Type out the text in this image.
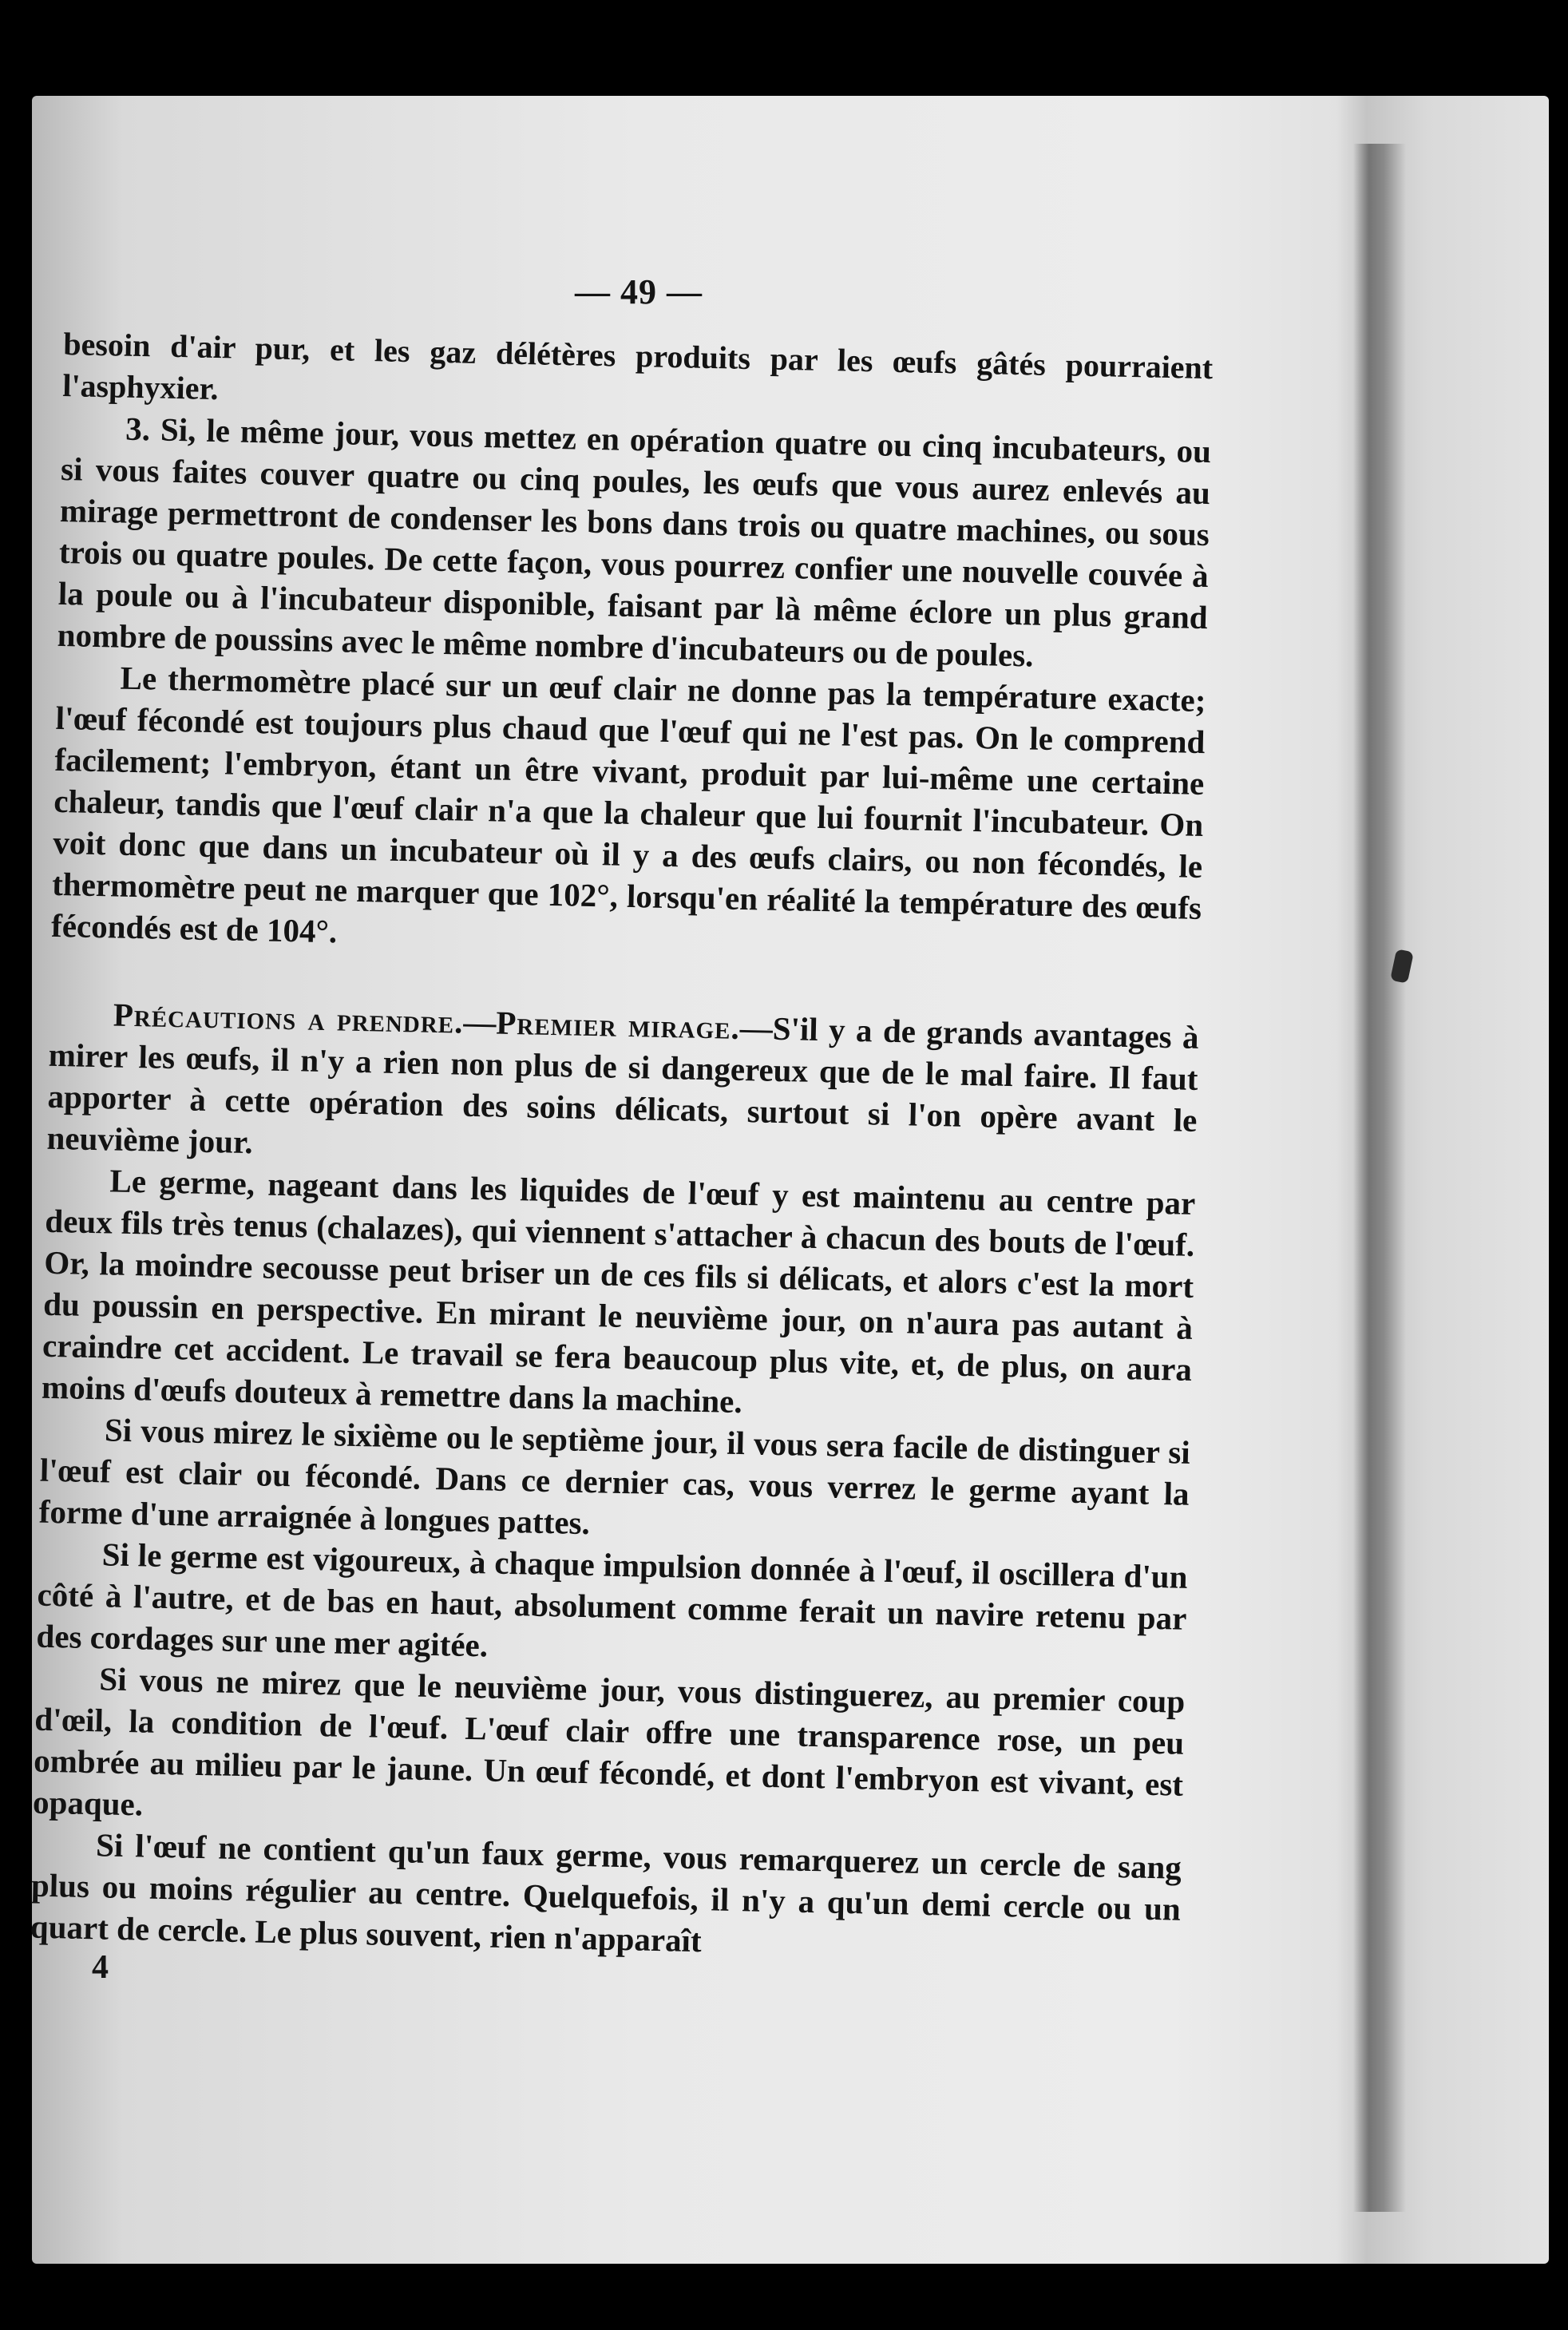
— 49 —

besoin d'air pur, et les gaz délétères produits par les œufs gâtés pourraient l'asphyxier.

3. Si, le même jour, vous mettez en opération quatre ou cinq incubateurs, ou si vous faites couver quatre ou cinq poules, les œufs que vous aurez enlevés au mirage permettront de condenser les bons dans trois ou quatre machines, ou sous trois ou quatre poules. De cette façon, vous pourrez confier une nouvelle couvée à la poule ou à l'incubateur disponible, faisant par là même éclore un plus grand nombre de poussins avec le même nombre d'incubateurs ou de poules.

Le thermomètre placé sur un œuf clair ne donne pas la température exacte; l'œuf fécondé est toujours plus chaud que l'œuf qui ne l'est pas. On le comprend facilement; l'embryon, étant un être vivant, produit par lui-même une certaine chaleur, tandis que l'œuf clair n'a que la chaleur que lui fournit l'incubateur. On voit donc que dans un incubateur où il y a des œufs clairs, ou non fécondés, le thermomètre peut ne marquer que 102°, lorsqu'en réalité la température des œufs fécondés est de 104°.

Précautions a prendre.—Premier mirage.—S'il y a de grands avantages à mirer les œufs, il n'y a rien non plus de si dangereux que de le mal faire. Il faut apporter à cette opération des soins délicats, surtout si l'on opère avant le neuvième jour.

Le germe, nageant dans les liquides de l'œuf y est maintenu au centre par deux fils très tenus (chalazes), qui viennent s'attacher à chacun des bouts de l'œuf. Or, la moindre secousse peut briser un de ces fils si délicats, et alors c'est la mort du poussin en perspective. En mirant le neuvième jour, on n'aura pas autant à craindre cet accident. Le travail se fera beaucoup plus vite, et, de plus, on aura moins d'œufs douteux à remettre dans la machine.

Si vous mirez le sixième ou le septième jour, il vous sera facile de distinguer si l'œuf est clair ou fécondé. Dans ce dernier cas, vous verrez le germe ayant la forme d'une arraignée à longues pattes.

Si le germe est vigoureux, à chaque impulsion donnée à l'œuf, il oscillera d'un côté à l'autre, et de bas en haut, absolument comme ferait un navire retenu par des cordages sur une mer agitée.

Si vous ne mirez que le neuvième jour, vous distinguerez, au premier coup d'œil, la condition de l'œuf. L'œuf clair offre une transparence rose, un peu ombrée au milieu par le jaune. Un œuf fécondé, et dont l'embryon est vivant, est opaque.

Si l'œuf ne contient qu'un faux germe, vous remarquerez un cercle de sang plus ou moins régulier au centre. Quelquefois, il n'y a qu'un demi cercle ou un quart de cercle. Le plus souvent, rien n'apparaît

4
